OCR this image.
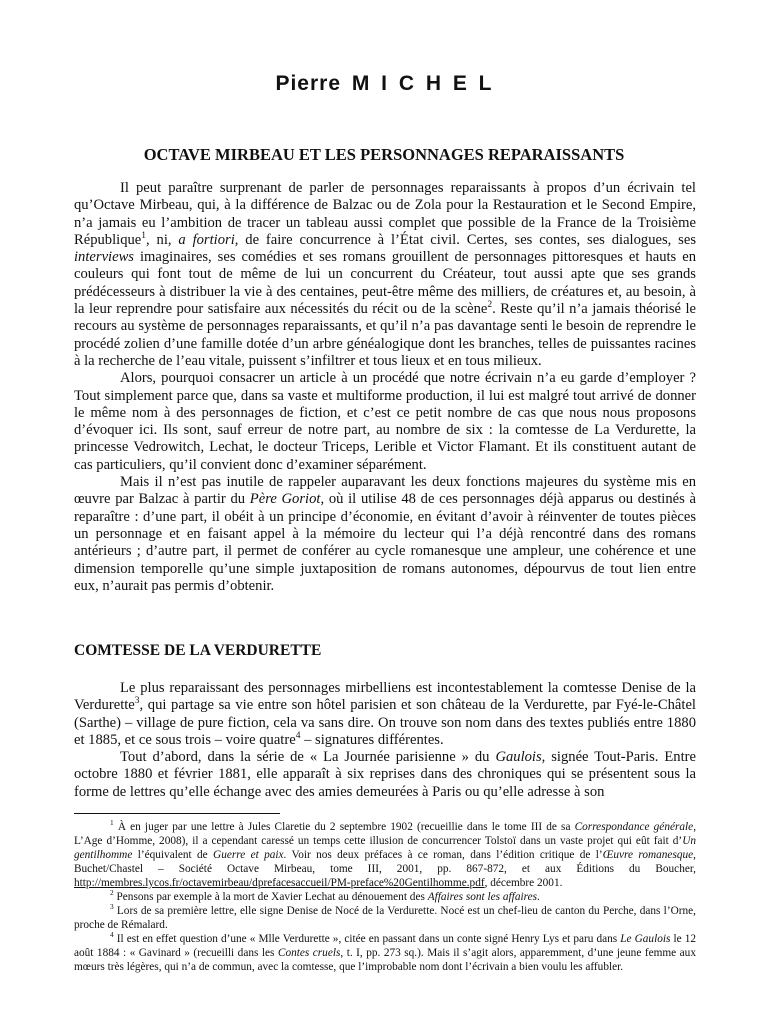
Pierre M I C H E L
OCTAVE MIRBEAU ET LES PERSONNAGES REPARAISSANTS

Il peut paraître surprenant de parler de personnages reparaissants à propos d’un écrivain tel qu’Octave Mirbeau, qui, à la différence de Balzac ou de Zola pour la Restauration et le Second Empire, n’a jamais eu l’ambition de tracer un tableau aussi complet que possible de la France de la Troisième République$^1$, ni, a fortiori, de faire concurrence à l’État civil. Certes, ses contes, ses dialogues, ses interviews imaginaires, ses comédies et ses romans grouillent de personnages pittoresques et hauts en couleurs qui font tout de même de lui un concurrent du Créateur, tout aussi apte que ses grands prédécesseurs à distribuer la vie à des centaines, peut-être même des milliers, de créatures et, au besoin, à la leur reprendre pour satisfaire aux nécessités du récit ou de la scène$^2$. Reste qu’il n’a jamais théorisé le recours au système de personnages reparaissants, et qu’il n’a pas davantage senti le besoin de reprendre le procédé zolien d’une famille dotée d’un arbre généalogique dont les branches, telles de puissantes racines à la recherche de l’eau vitale, puissent s’infiltrer et tous lieux et en tous milieux.

Alors, pourquoi consacrer un article à un procédé que notre écrivain n’a eu garde d’employer ? Tout simplement parce que, dans sa vaste et multiforme production, il lui est malgré tout arrivé de donner le même nom à des personnages de fiction, et c’est ce petit nombre de cas que nous nous proposons d’évoquer ici. Ils sont, sauf erreur de notre part, au nombre de six : la comtesse de La Verdurette, la princesse Vedrowitch, Lechat, le docteur Triceps, Lerible et Victor Flamant. Et ils constituent autant de cas particuliers, qu’il convient donc d’examiner séparément.

Mais il n’est pas inutile de rappeler auparavant les deux fonctions majeures du système mis en œuvre par Balzac à partir du Père Goriot, où il utilise 48 de ces personnages déjà apparus ou destinés à reparaître : d’une part, il obéit à un principe d’économie, en évitant d’avoir à réinventer de toutes pièces un personnage et en faisant appel à la mémoire du lecteur qui l’a déjà rencontré dans des romans antérieurs ; d’autre part, il permet de conférer au cycle romanesque une ampleur, une cohérence et une dimension temporelle qu’une simple juxtaposition de romans autonomes, dépourvus de tout lien entre eux, n’aurait pas permis d’obtenir.

COMTESSE DE LA VERDURETTE

Le plus reparaissant des personnages mirbelliens est incontestablement la comtesse Denise de la Verdurette$^3$, qui partage sa vie entre son hôtel parisien et son château de la Verdurette, par Fyé-le-Châtel (Sarthe) – village de pure fiction, cela va sans dire. On trouve son nom dans des textes publiés entre 1880 et 1885, et ce sous trois – voire quatre$^4$ – signatures différentes.

Tout d’abord, dans la série de « La Journée parisienne » du Gaulois, signée Tout-Paris. Entre octobre 1880 et février 1881, elle apparaît à six reprises dans des chroniques qui se présentent sous la forme de lettres qu’elle échange avec des amies demeurées à Paris ou qu’elle adresse à son

$^1$ À en juger par une lettre à Jules Claretie du 2 septembre 1902 (recueillie dans le tome III de sa Correspondance générale, L’Age d’Homme, 2008), il a cependant caressé un temps cette illusion de concurrencer Tolstoï dans un vaste projet qui eût fait d’Un gentilhomme l’équivalent de Guerre et paix. Voir nos deux préfaces à ce roman, dans l’édition critique de l’Œuvre romanesque, Buchet/Chastel – Société Octave Mirbeau, tome III, 2001, pp. 867-872, et aux Éditions du Boucher, http://membres.lycos.fr/octavemirbeau/dprefacesaccueil/PM-preface%20Gentilhomme.pdf, décembre 2001.

$^2$ Pensons par exemple à la mort de Xavier Lechat au dénouement des Affaires sont les affaires.

$^3$ Lors de sa première lettre, elle signe Denise de Nocé de la Verdurette. Nocé est un chef-lieu de canton du Perche, dans l’Orne, proche de Rémalard.

$^4$ Il est en effet question d’une « Mlle Verdurette », citée en passant dans un conte signé Henry Lys et paru dans Le Gaulois le 12 août 1884 : « Gavinard » (recueilli dans les Contes cruels, t. I, pp. 273 sq.). Mais il s’agit alors, apparemment, d’une jeune femme aux mœurs très légères, qui n’a de commun, avec la comtesse, que l’improbable nom dont l’écrivain a bien voulu les affubler.
